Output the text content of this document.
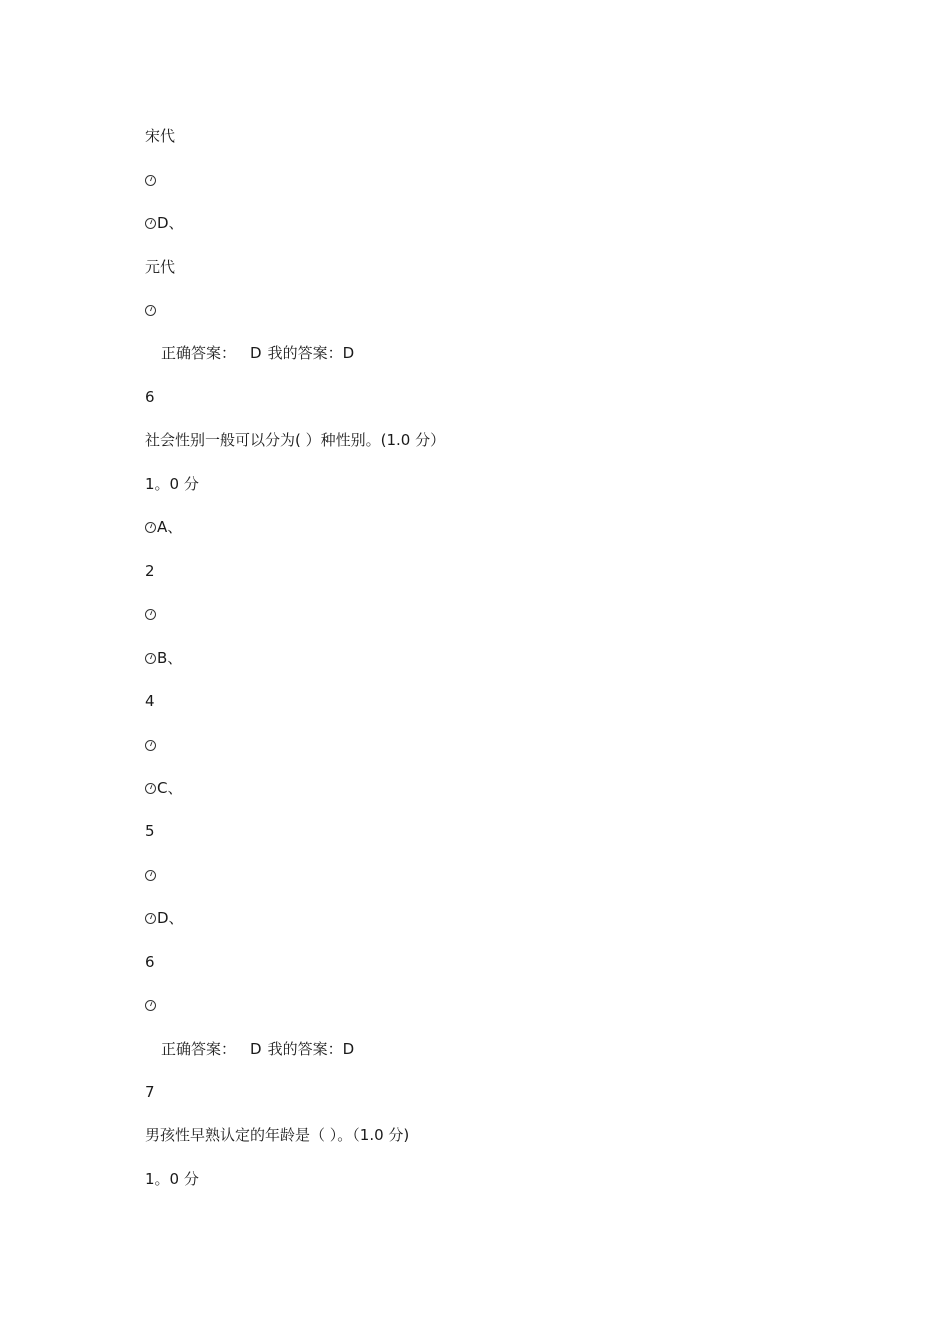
宋代
D、
元代
正确答案： D 我的答案：D
6
社会性别一般可以分为( ）种性别。(1.0 分）
1。0 分
A、
2
B、
4
C、
5
D、
6
正确答案： D 我的答案：D
7
男孩性早熟认定的年龄是（ ）。（1.0 分)
1。0 分
